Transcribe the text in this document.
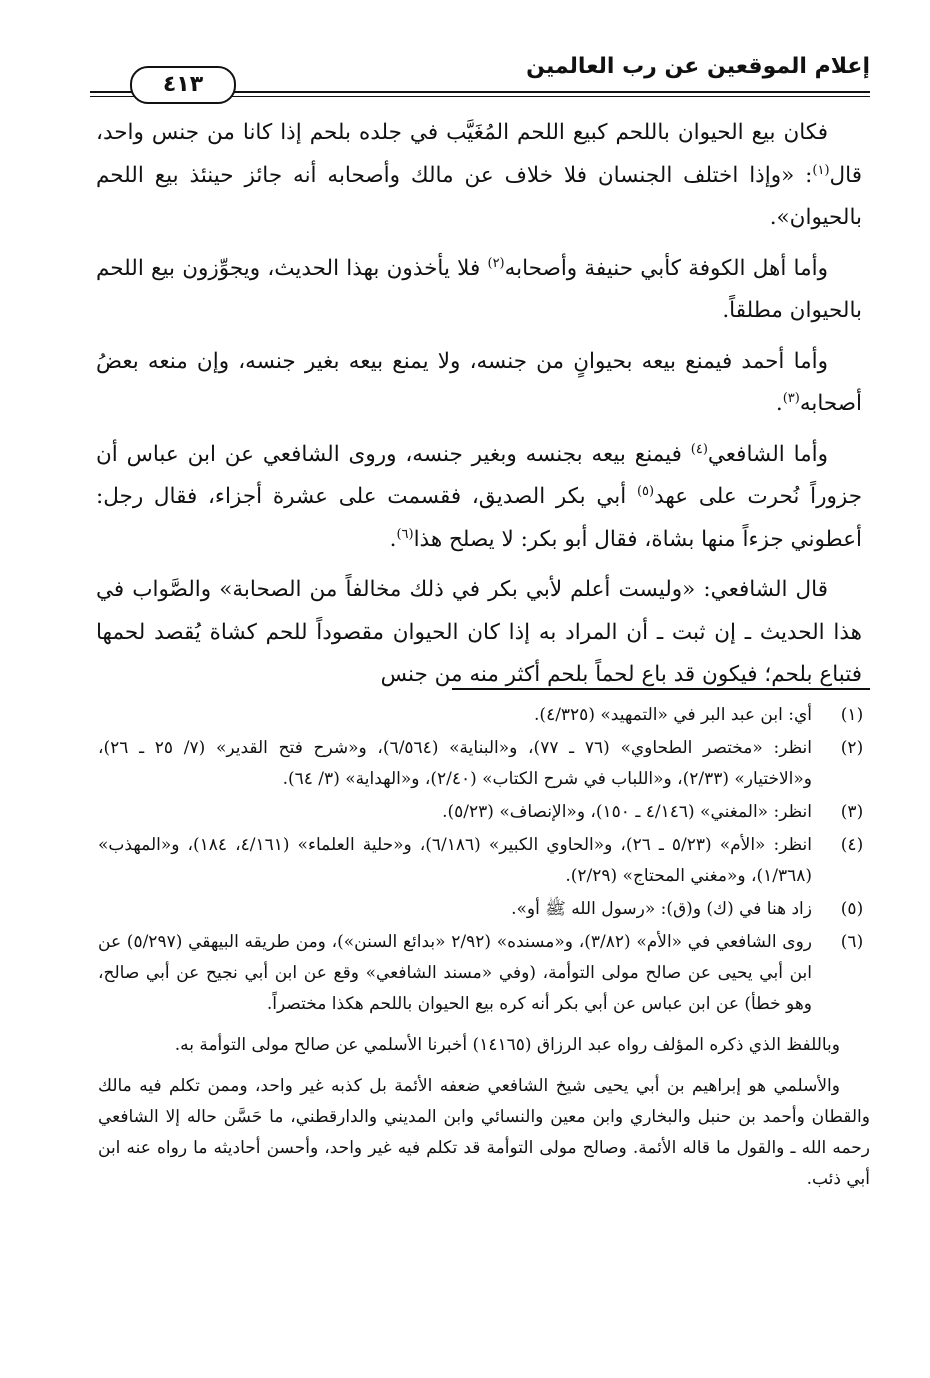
إعلام الموقعين عن رب العالمين
٤١٣

فكان بيع الحيوان باللحم كبيع اللحم المُغَيَّب في جلده بلحم إذا كانا من جنس واحد، قال$^{(١)}$: «وإذا اختلف الجنسان فلا خلاف عن مالك وأصحابه أنه جائز حينئذ بيع اللحم بالحيوان».

وأما أهل الكوفة كأبي حنيفة وأصحابه$^{(٢)}$ فلا يأخذون بهذا الحديث، ويجوِّزون بيع اللحم بالحيوان مطلقاً.

وأما أحمد فيمنع بيعه بحيوانٍ من جنسه، ولا يمنع بيعه بغير جنسه، وإن منعه بعضُ أصحابه$^{(٣)}$.

وأما الشافعي$^{(٤)}$ فيمنع بيعه بجنسه وبغير جنسه، وروى الشافعي عن ابن عباس أن جزوراً نُحرت على عهد$^{(٥)}$ أبي بكر الصديق، فقسمت على عشرة أجزاء، فقال رجل: أعطوني جزءاً منها بشاة، فقال أبو بكر: لا يصلح هذا$^{(٦)}$.

قال الشافعي: «وليست أعلم لأبي بكر في ذلك مخالفاً من الصحابة» والصَّواب في هذا الحديث ـ إن ثبت ـ أن المراد به إذا كان الحيوان مقصوداً للحم كشاة يُقصد لحمها فتباع بلحم؛ فيكون قد باع لحماً بلحم أكثر منه من جنس

(١)
أي: ابن عبد البر في «التمهيد» (٤/٣٢٥).
(٢)
انظر: «مختصر الطحاوي» (٧٦ ـ ٧٧)، و«البناية» (٦/٥٦٤)، و«شرح فتح القدير» (٧/ ٢٥ ـ ٢٦)، و«الاختيار» (٢/٣٣)، و«اللباب في شرح الكتاب» (٢/٤٠)، و«الهداية» (٣/ ٦٤).
(٣)
انظر: «المغني» (٤/١٤٦ ـ ١٥٠)، و«الإنصاف» (٥/٢٣).
(٤)
انظر: «الأم» (٥/٢٣ ـ ٢٦)، و«الحاوي الكبير» (٦/١٨٦)، و«حلية العلماء» (٤/١٦١، ١٨٤)، و«المهذب» (١/٣٦٨)، و«مغني المحتاج» (٢/٢٩).
(٥)
زاد هنا في (ك) و(ق): «رسول الله ﷺ أو».
(٦)
روى الشافعي في «الأم» (٣/٨٢)، و«مسنده» (٢/٩٢ «بدائع السنن»)، ومن طريقه البيهقي (٥/٢٩٧) عن ابن أبي يحيى عن صالح مولى التوأمة، (وفي «مسند الشافعي» وقع عن ابن أبي نجيح عن أبي صالح، وهو خطأ) عن ابن عباس عن أبي بكر أنه كره بيع الحيوان باللحم هكذا مختصراً.

وباللفظ الذي ذكره المؤلف رواه عبد الرزاق (١٤١٦٥) أخبرنا الأسلمي عن صالح مولى التوأمة به.

والأسلمي هو إبراهيم بن أبي يحيى شيخ الشافعي ضعفه الأئمة بل كذبه غير واحد، وممن تكلم فيه مالك والقطان وأحمد بن حنبل والبخاري وابن معين والنسائي وابن المديني والدارقطني، ما حَسَّن حاله إلا الشافعي رحمه الله ـ والقول ما قاله الأئمة. وصالح مولى التوأمة قد تكلم فيه غير واحد، وأحسن أحاديثه ما رواه عنه ابن أبي ذئب.
